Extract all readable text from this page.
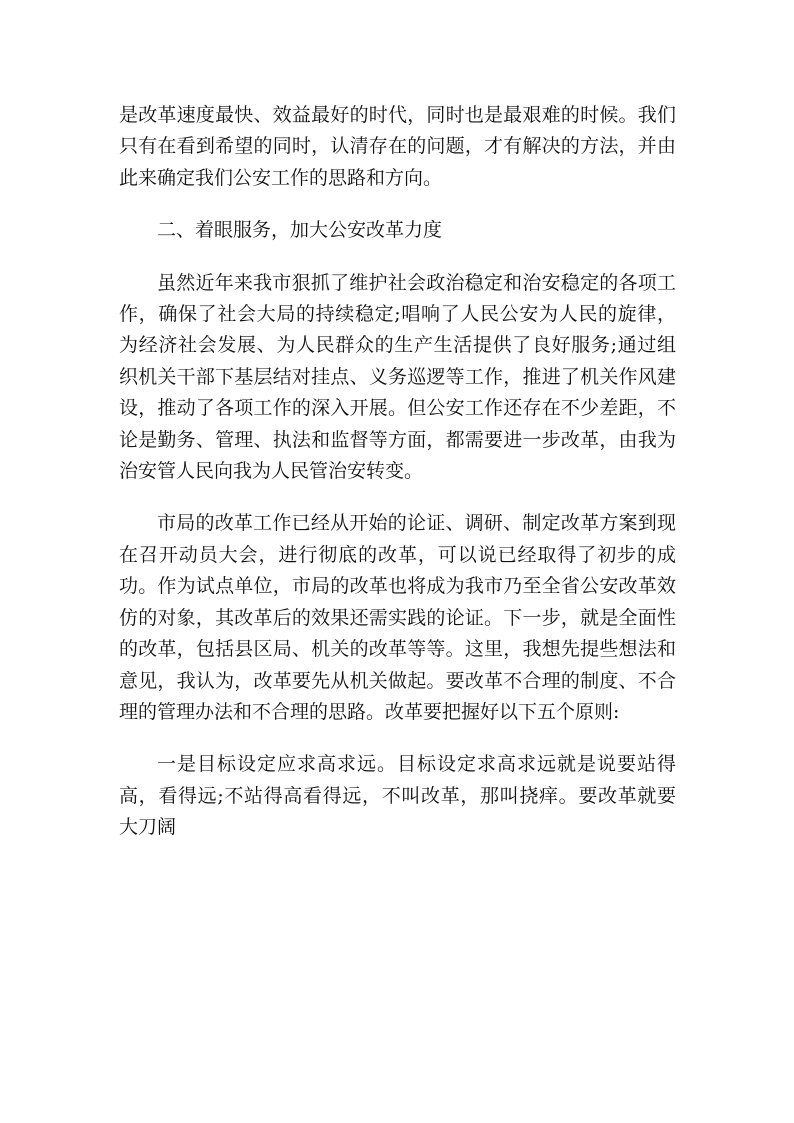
是改革速度最快、效益最好的时代，同时也是最艰难的时候。我们只有在看到希望的同时，认清存在的问题，才有解决的方法，并由此来确定我们公安工作的思路和方向。

二、着眼服务，加大公安改革力度

虽然近年来我市狠抓了维护社会政治稳定和治安稳定的各项工作，确保了社会大局的持续稳定;唱响了人民公安为人民的旋律，为经济社会发展、为人民群众的生产生活提供了良好服务;通过组织机关干部下基层结对挂点、义务巡逻等工作，推进了机关作风建设，推动了各项工作的深入开展。但公安工作还存在不少差距，不论是勤务、管理、执法和监督等方面，都需要进一步改革，由我为治安管人民向我为人民管治安转变。

市局的改革工作已经从开始的论证、调研、制定改革方案到现在召开动员大会，进行彻底的改革，可以说已经取得了初步的成功。作为试点单位，市局的改革也将成为我市乃至全省公安改革效仿的对象，其改革后的效果还需实践的论证。下一步，就是全面性的改革，包括县区局、机关的改革等等。这里，我想先提些想法和意见，我认为，改革要先从机关做起。要改革不合理的制度、不合理的管理办法和不合理的思路。改革要把握好以下五个原则:

一是目标设定应求高求远。目标设定求高求远就是说要站得高，看得远;不站得高看得远，不叫改革，那叫挠痒。要改革就要大刀阔
